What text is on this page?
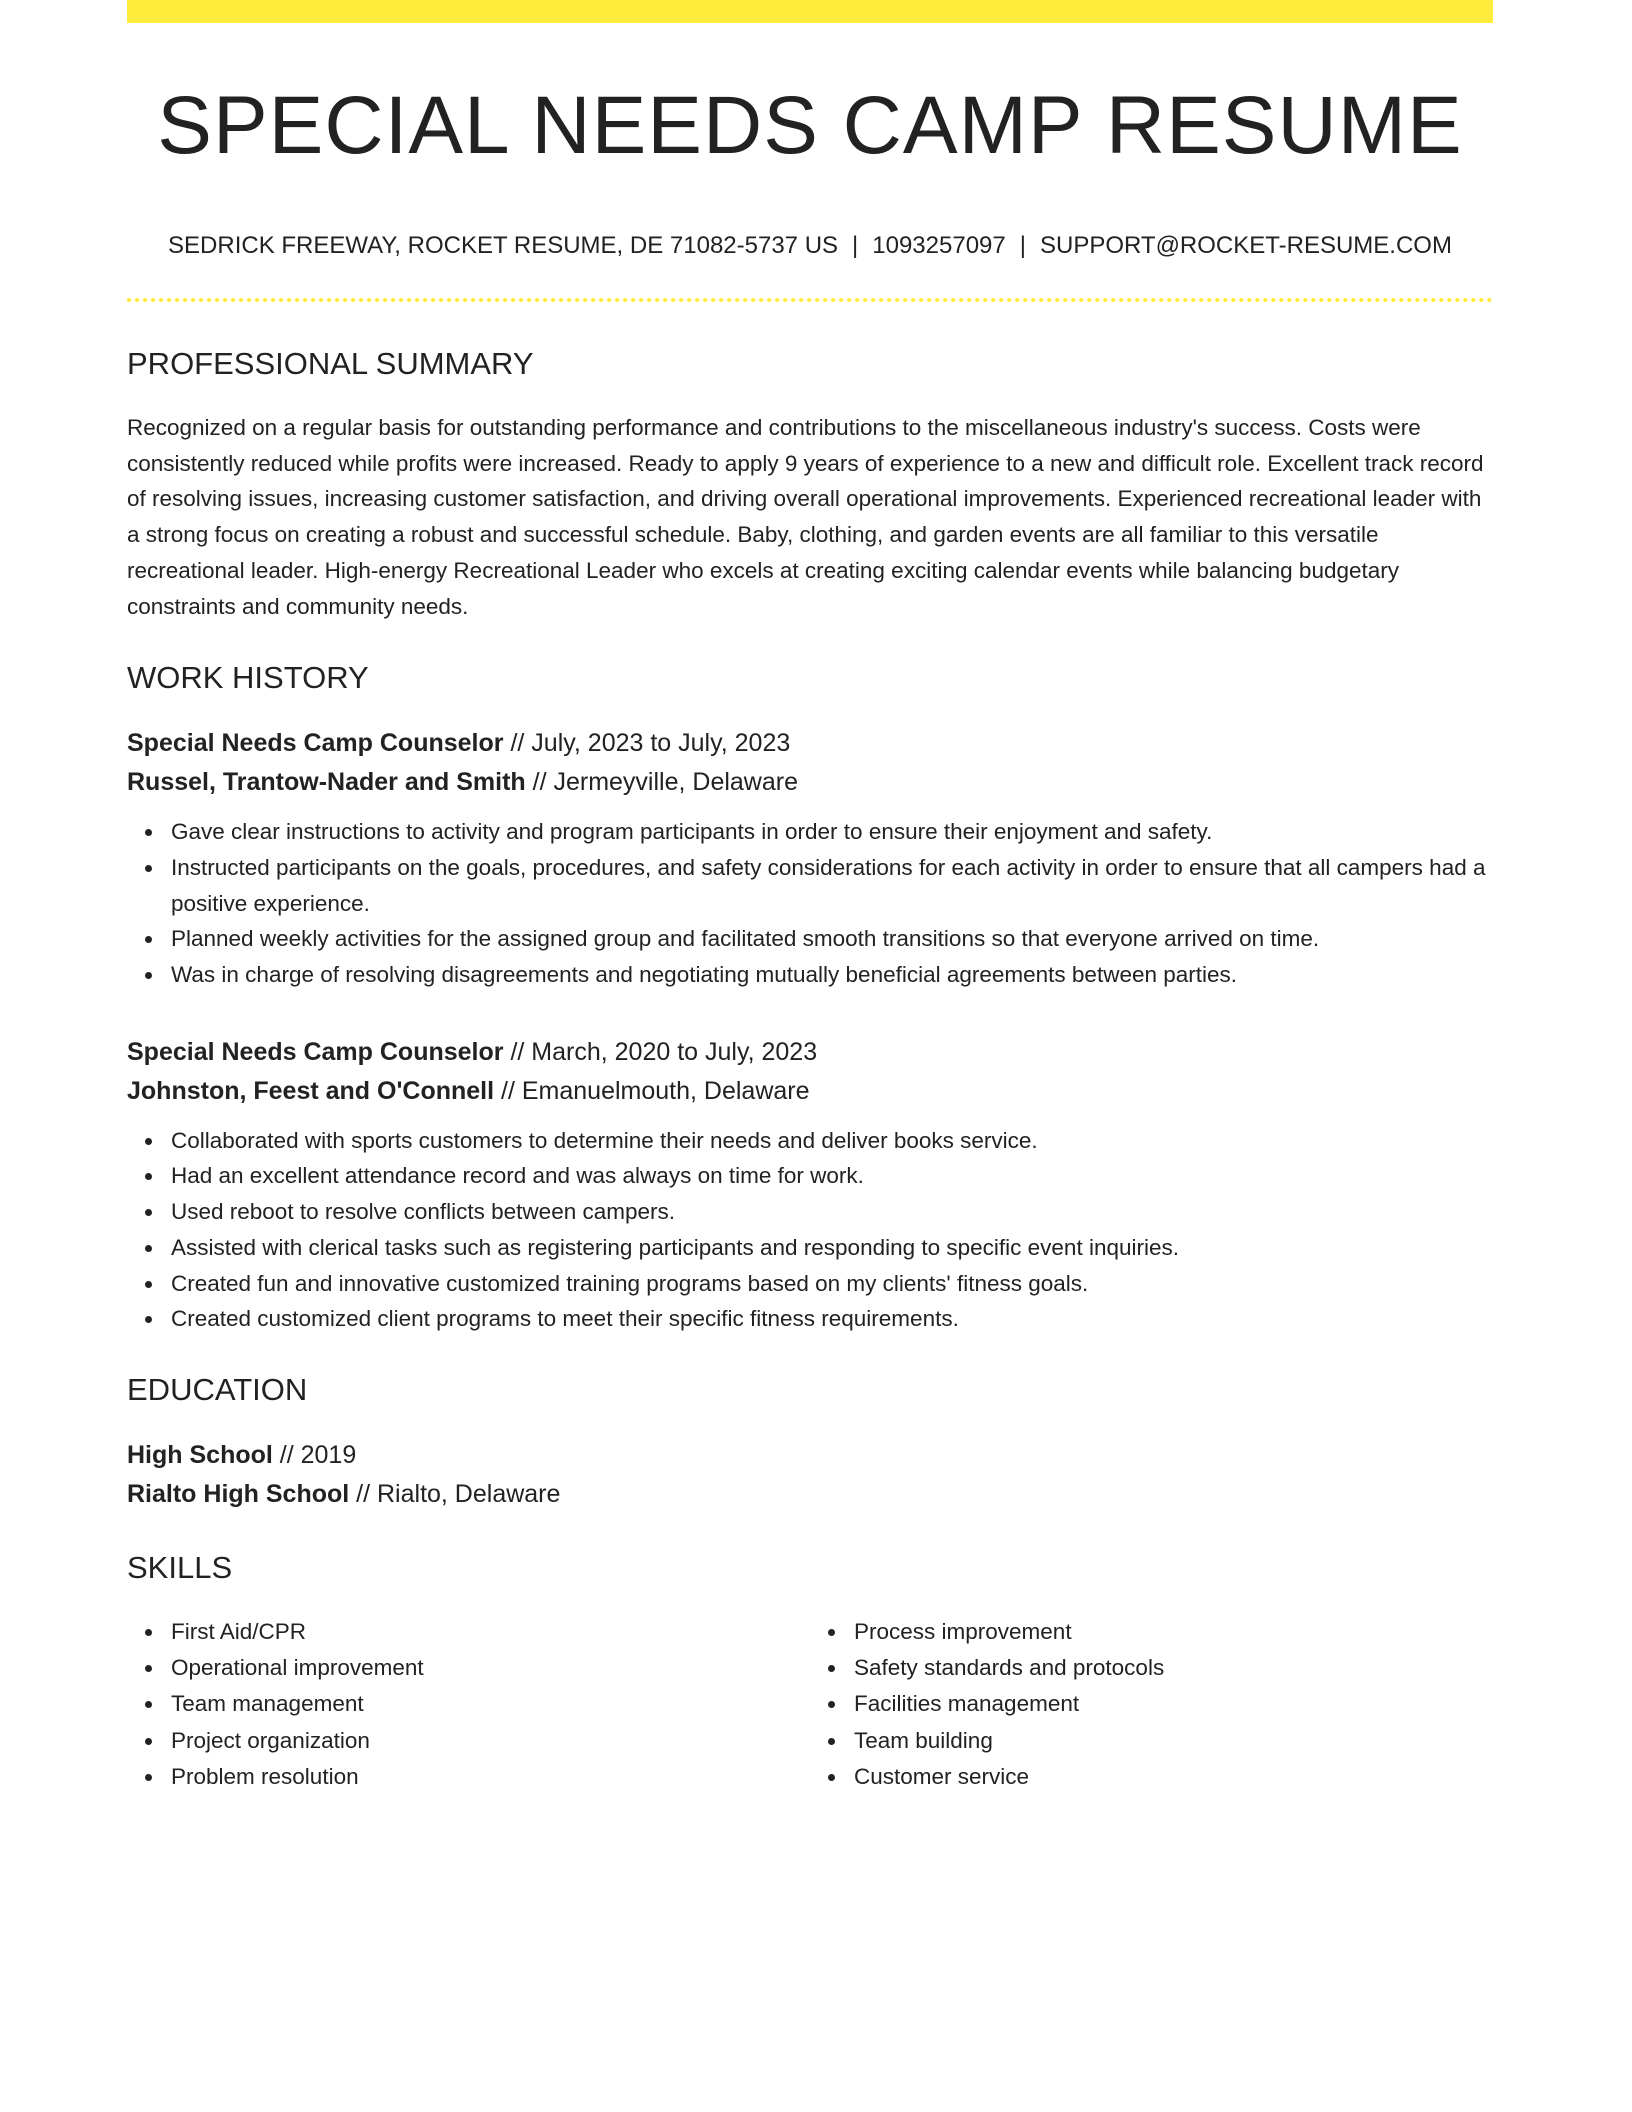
SPECIAL NEEDS CAMP RESUME
SEDRICK FREEWAY, ROCKET RESUME, DE 71082-5737 US | 1093257097 | SUPPORT@ROCKET-RESUME.COM
PROFESSIONAL SUMMARY

Recognized on a regular basis for outstanding performance and contributions to the miscellaneous industry's success. Costs were consistently reduced while profits were increased. Ready to apply 9 years of experience to a new and difficult role. Excellent track record of resolving issues, increasing customer satisfaction, and driving overall operational improvements. Experienced recreational leader with a strong focus on creating a robust and successful schedule. Baby, clothing, and garden events are all familiar to this versatile recreational leader. High-energy Recreational Leader who excels at creating exciting calendar events while balancing budgetary constraints and community needs.

WORK HISTORY
Special Needs Camp Counselor // July, 2023 to July, 2023
Russel, Trantow-Nader and Smith // Jermeyville, Delaware
Gave clear instructions to activity and program participants in order to ensure their enjoyment and safety.
Instructed participants on the goals, procedures, and safety considerations for each activity in order to ensure that all campers had a positive experience.
Planned weekly activities for the assigned group and facilitated smooth transitions so that everyone arrived on time.
Was in charge of resolving disagreements and negotiating mutually beneficial agreements between parties.
Special Needs Camp Counselor // March, 2020 to July, 2023
Johnston, Feest and O'Connell // Emanuelmouth, Delaware
Collaborated with sports customers to determine their needs and deliver books service.
Had an excellent attendance record and was always on time for work.
Used reboot to resolve conflicts between campers.
Assisted with clerical tasks such as registering participants and responding to specific event inquiries.
Created fun and innovative customized training programs based on my clients' fitness goals.
Created customized client programs to meet their specific fitness requirements.
EDUCATION
High School // 2019
Rialto High School // Rialto, Delaware
SKILLS
First Aid/CPR
Operational improvement
Team management
Project organization
Problem resolution
Process improvement
Safety standards and protocols
Facilities management
Team building
Customer service
